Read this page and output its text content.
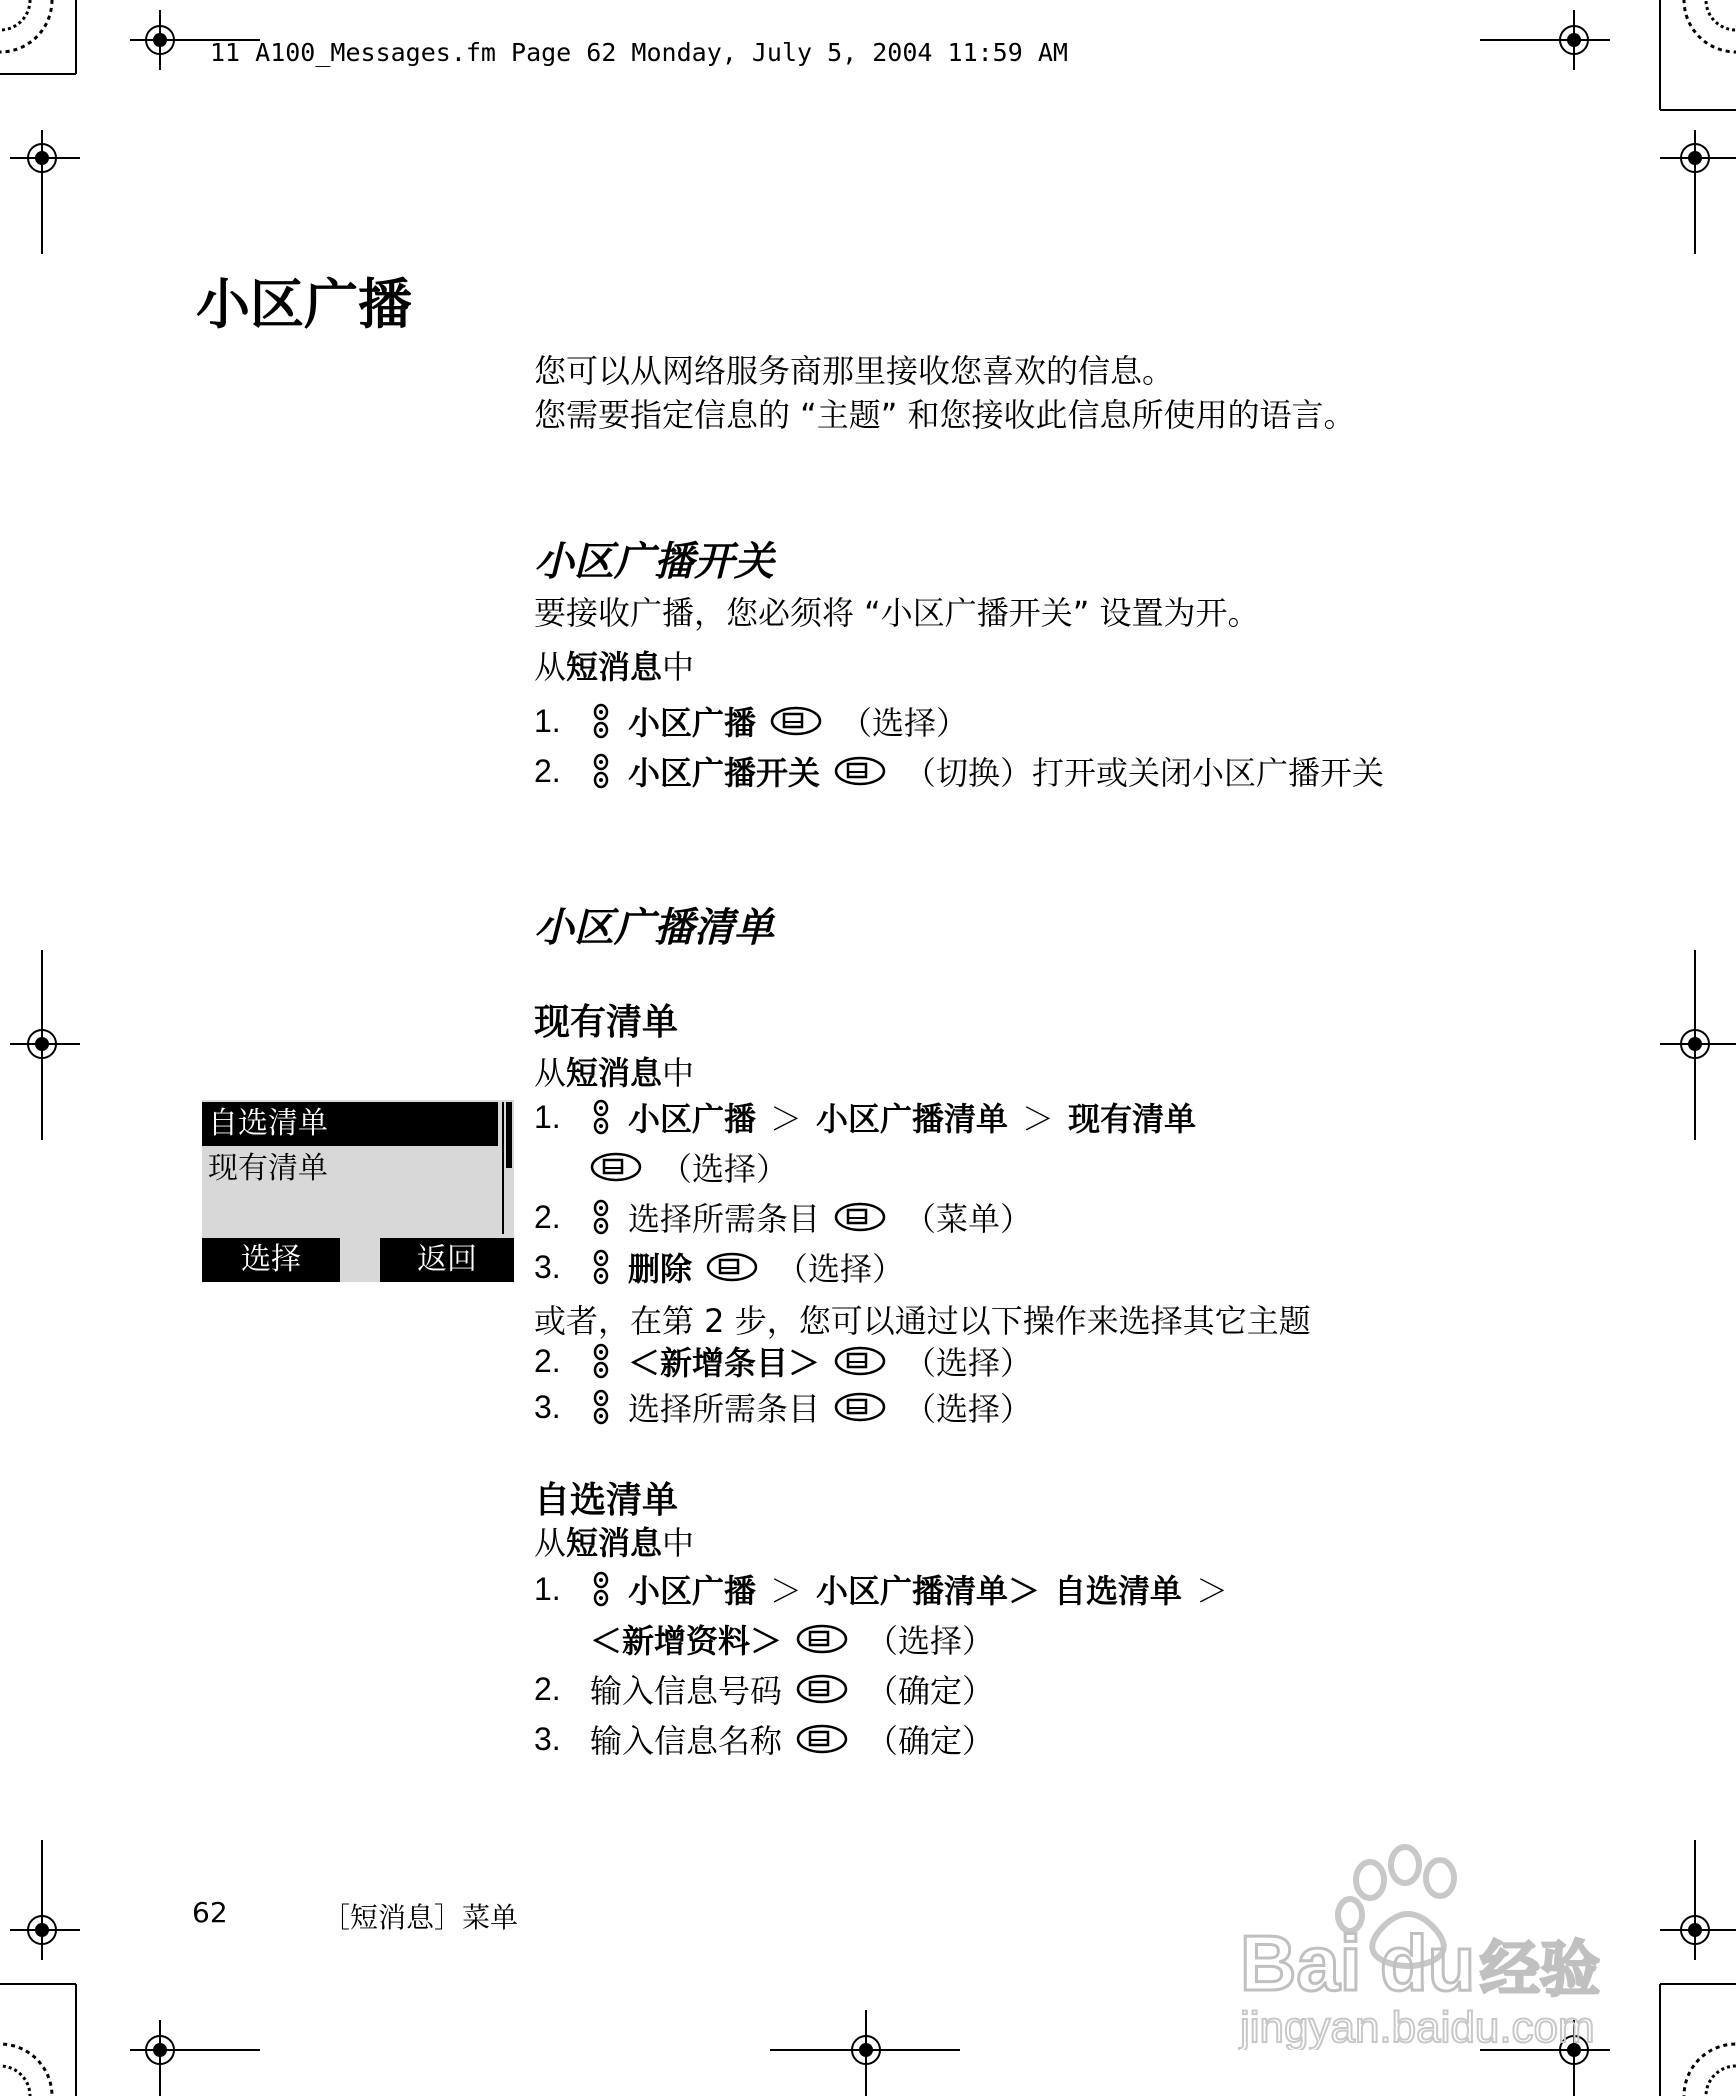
11 A100_Messages.fm Page 62 Monday, July 5, 2004 11:59 AM
小区广播
您可以从网络服务商那里接收您喜欢的信息。
您需要指定信息的 “主题” 和您接收此信息所使用的语言。
小区广播开关
要接收广播，您必须将 “小区广播开关” 设置为开。
从短消息中
1.	小区广播	（选择）
2.	小区广播开关	（切换） 打开或关闭小区广播开关
小区广播清单
现有清单
从短消息中
1.	小区广播 ＞ 小区广播清单 ＞ 现有清单
（选择）
2.	选择所需条目	（菜单）
3.	删除	（选择）
或者，在第 2 步，您可以通过以下操作来选择其它主题
2.	＜新增条目＞	（选择）
3.	选择所需条目	（选择）
自选清单
从短消息中
1.	小区广播 ＞ 小区广播清单＞ 自选清单 ＞
＜新增资料＞	（选择）
2. 输入信息号码	（确定）
3. 输入信息名称	（确定）
自选清单
现有清单
选择	返回
62	［短消息］菜单
Bai du 经验
jingyan.baidu.com
